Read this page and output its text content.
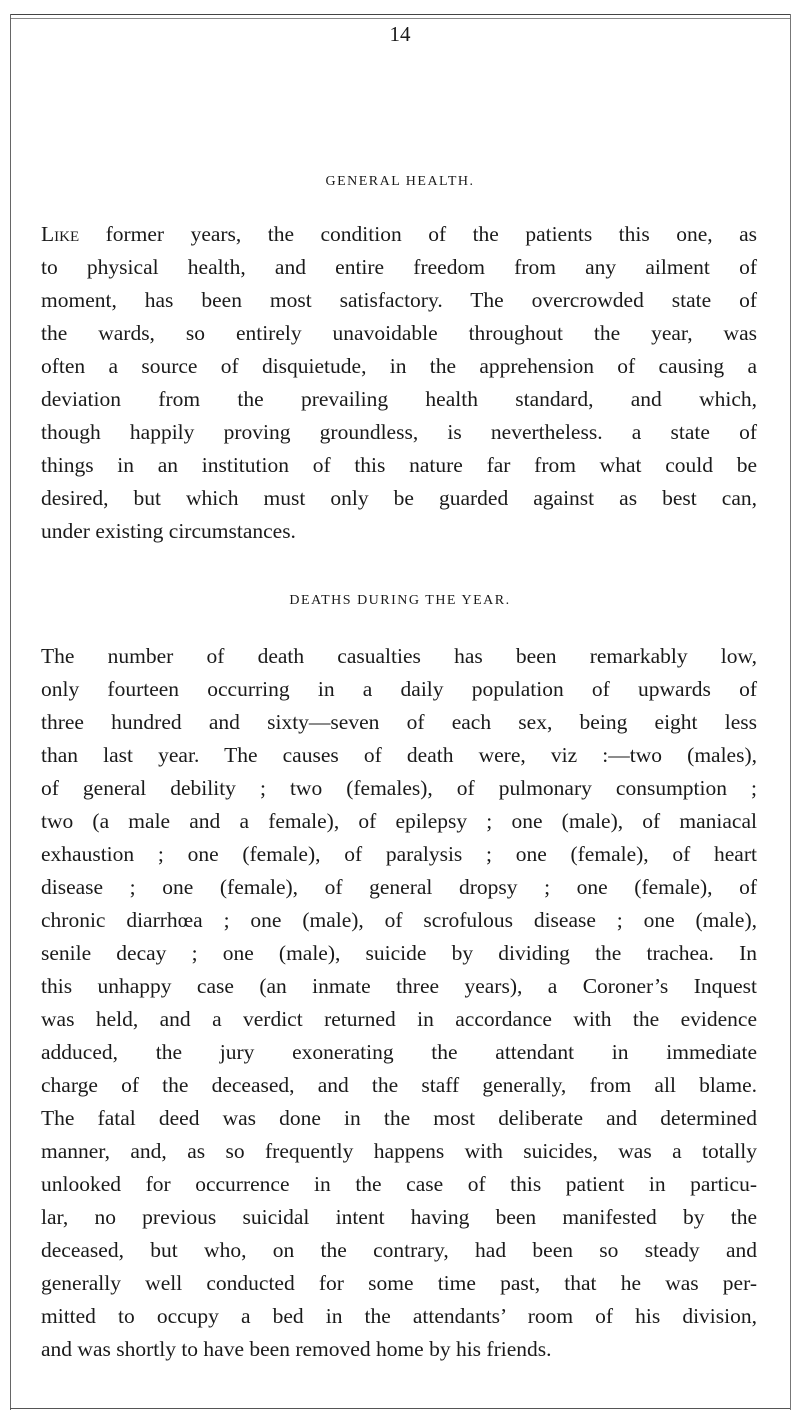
14
GENERAL HEALTH.
Like former years, the condition of the patients this one, as
to physical health, and entire freedom from any ailment of
moment, has been most satisfactory. The overcrowded state of
the wards, so entirely unavoidable throughout the year, was
often a source of disquietude, in the apprehension of causing a
deviation from the prevailing health standard, and which,
though happily proving groundless, is nevertheless. a state of
things in an institution of this nature far from what could be
desired, but which must only be guarded against as best can,
under existing circumstances.
DEATHS DURING THE YEAR.
The number of death casualties has been remarkably low,
only fourteen occurring in a daily population of upwards of
three hundred and sixty—seven of each sex, being eight less
than last year. The causes of death were, viz :—two (males),
of general debility ; two (females), of pulmonary consumption ;
two (a male and a female), of epilepsy ; one (male), of maniacal
exhaustion ; one (female), of paralysis ; one (female), of heart
disease ; one (female), of general dropsy ; one (female), of
chronic diarrhœa ; one (male), of scrofulous disease ; one (male),
senile decay ; one (male), suicide by dividing the trachea. In
this unhappy case (an inmate three years), a Coroner’s Inquest
was held, and a verdict returned in accordance with the evidence
adduced, the jury exonerating the attendant in immediate
charge of the deceased, and the staff generally, from all blame.
The fatal deed was done in the most deliberate and determined
manner, and, as so frequently happens with suicides, was a totally
unlooked for occurrence in the case of this patient in particu-
lar, no previous suicidal intent having been manifested by the
deceased, but who, on the contrary, had been so steady and
generally well conducted for some time past, that he was per-
mitted to occupy a bed in the attendants’ room of his division,
and was shortly to have been removed home by his friends.
